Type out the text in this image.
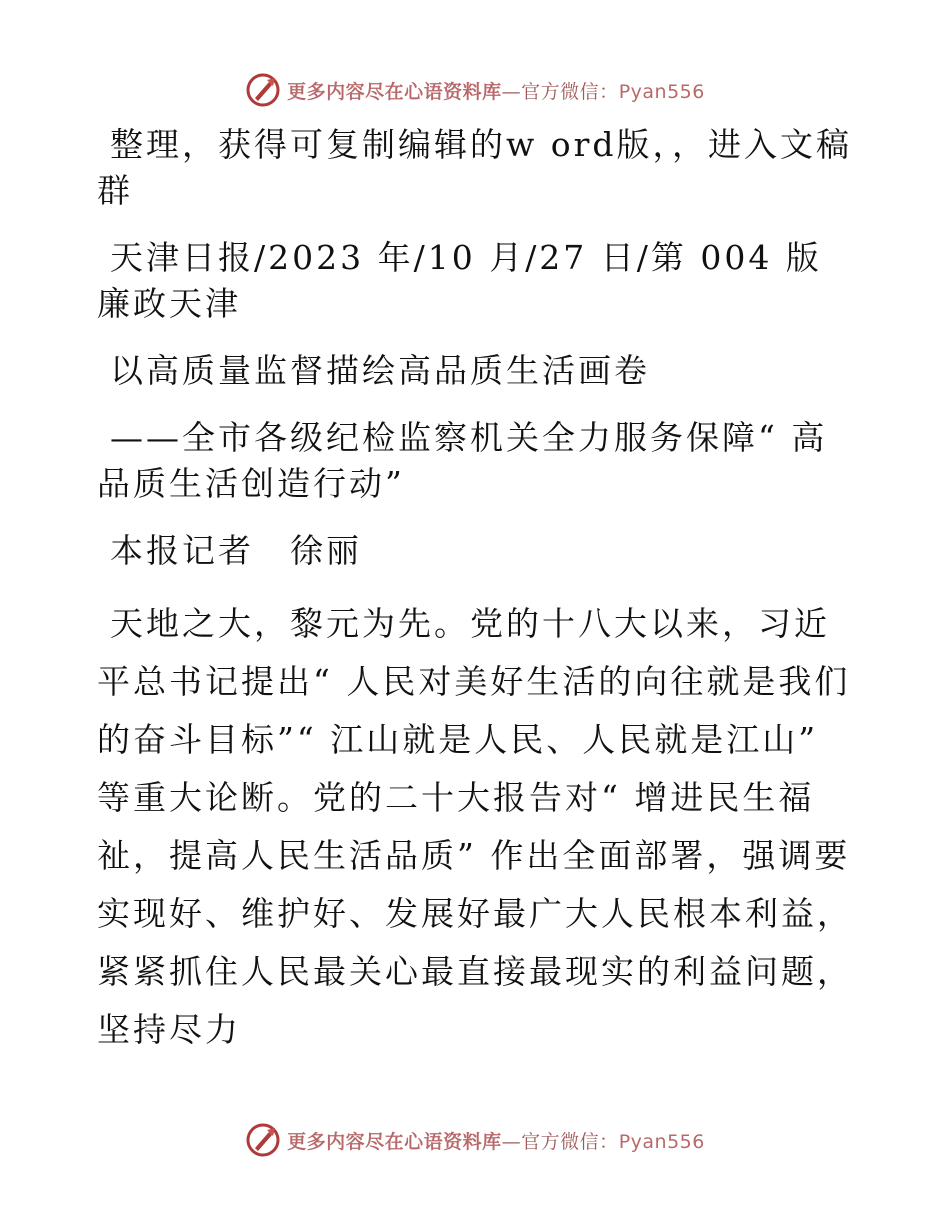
更多内容尽在心语资料库—官方微信：Pyan556

整理，获得可复制编辑的w ord版，，进入文稿群

天津日报/2023 年/10 月/27 日/第 004 版廉政天津

以高质量监督描绘高品质生活画卷

——全市各级纪检监察机关全力服务保障“ 高品质生活创造行动”

本报记者　徐丽

天地之大，黎元为先。党的十八大以来，习近平总书记提出“ 人民对美好生活的向往就是我们的奋斗目标”“ 江山就是人民、人民就是江山” 等重大论断。党的二十大报告对“ 增进民生福祉，提高人民生活品质” 作出全面部署，强调要实现好、维护好、发展好最广大人民根本利益，紧紧抓住人民最关心最直接最现实的利益问题，坚持尽力

更多内容尽在心语资料库—官方微信：Pyan556
